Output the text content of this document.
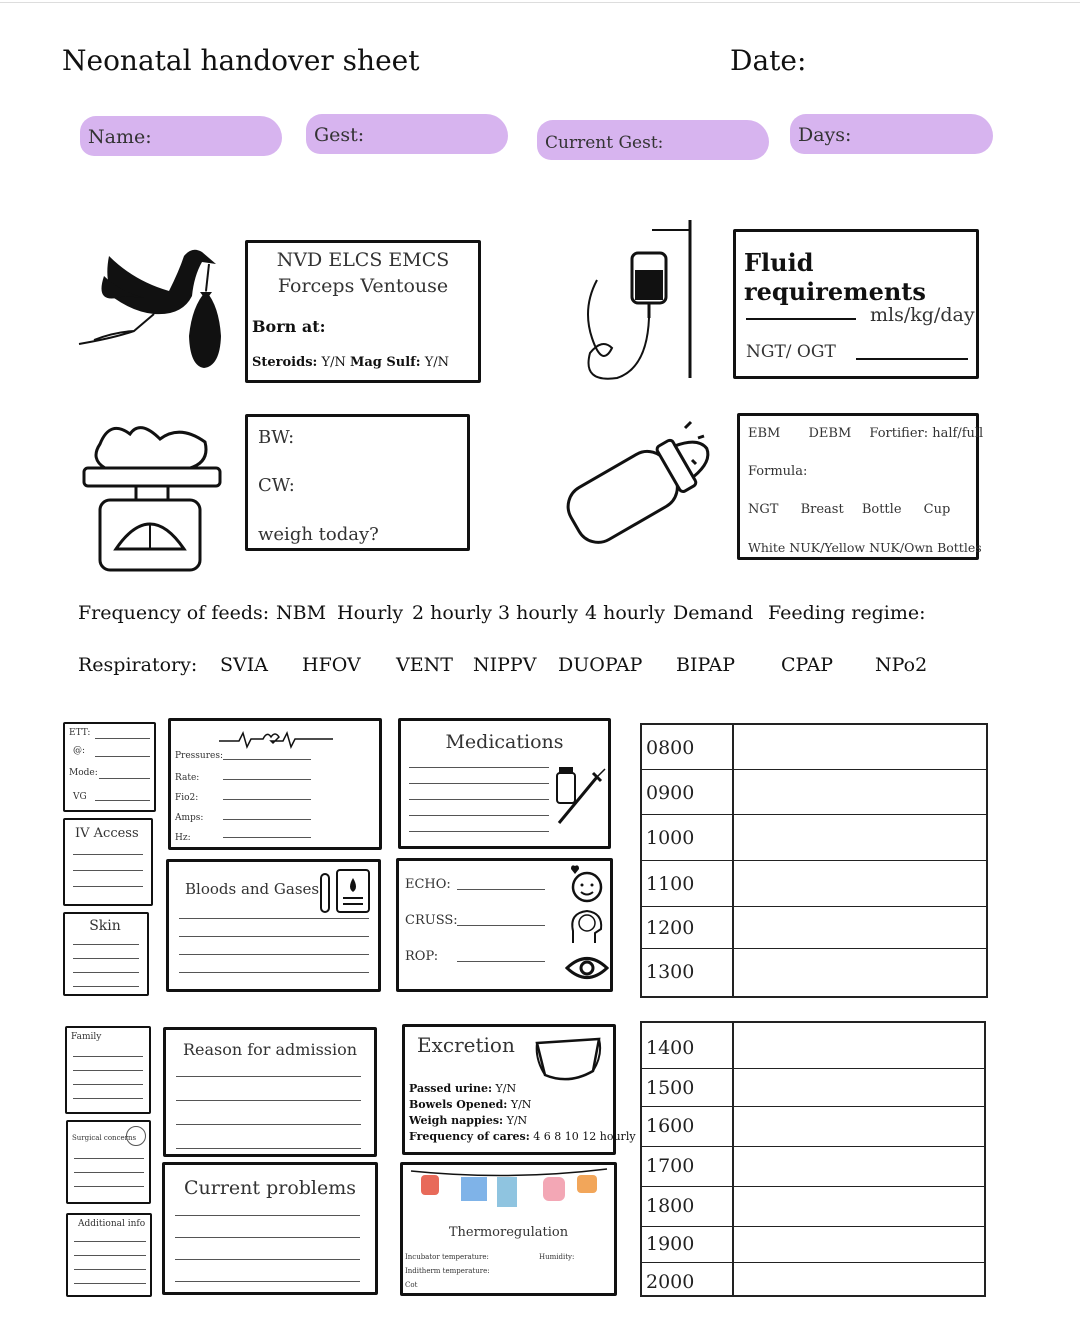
Neonatal handover sheet	Date:
Name:	Gest:	Current Gest:	Days:
NVD ELCS EMCS
Forceps Ventouse
Born at:
Steroids: Y/N Mag Sulf: Y/N
Fluid requirements
mls/kg/day
NGT/ OGT
BW:
CW:
weigh today?
EBM DEBM Fortifier: half/full
Formula:
NGT Breast Bottle Cup
White NUK/Yellow NUK/Own Bottles
Frequency of feeds: NBM Hourly 2 hourly 3 hourly 4 hourly Demand Feeding regime:
Respiratory: SVIA HFOV VENT NIPPV DUOPAP BIPAP CPAP NPo2
ETT:
@:
Mode:
VG
IV Access
Skin
Pressures:
Rate:
Fio2:
Amps:
Hz:
Medications
Bloods and Gases	ECHO:
CRUSS:
ROP:
0800
0900
1000
1100
1200
1300
Family
Surgical concerns
Additional info
Reason for admission
Current problems
Excretion
Passed urine: Y/N
Bowels Opened: Y/N
Weigh nappies: Y/N
Frequency of cares: 4 6 8 10 12 hourly
Thermoregulation
Incubator temperature:	Humidity:
Inditherm temperature:
Cot
1400
1500
1600
1700
1800
1900
2000
